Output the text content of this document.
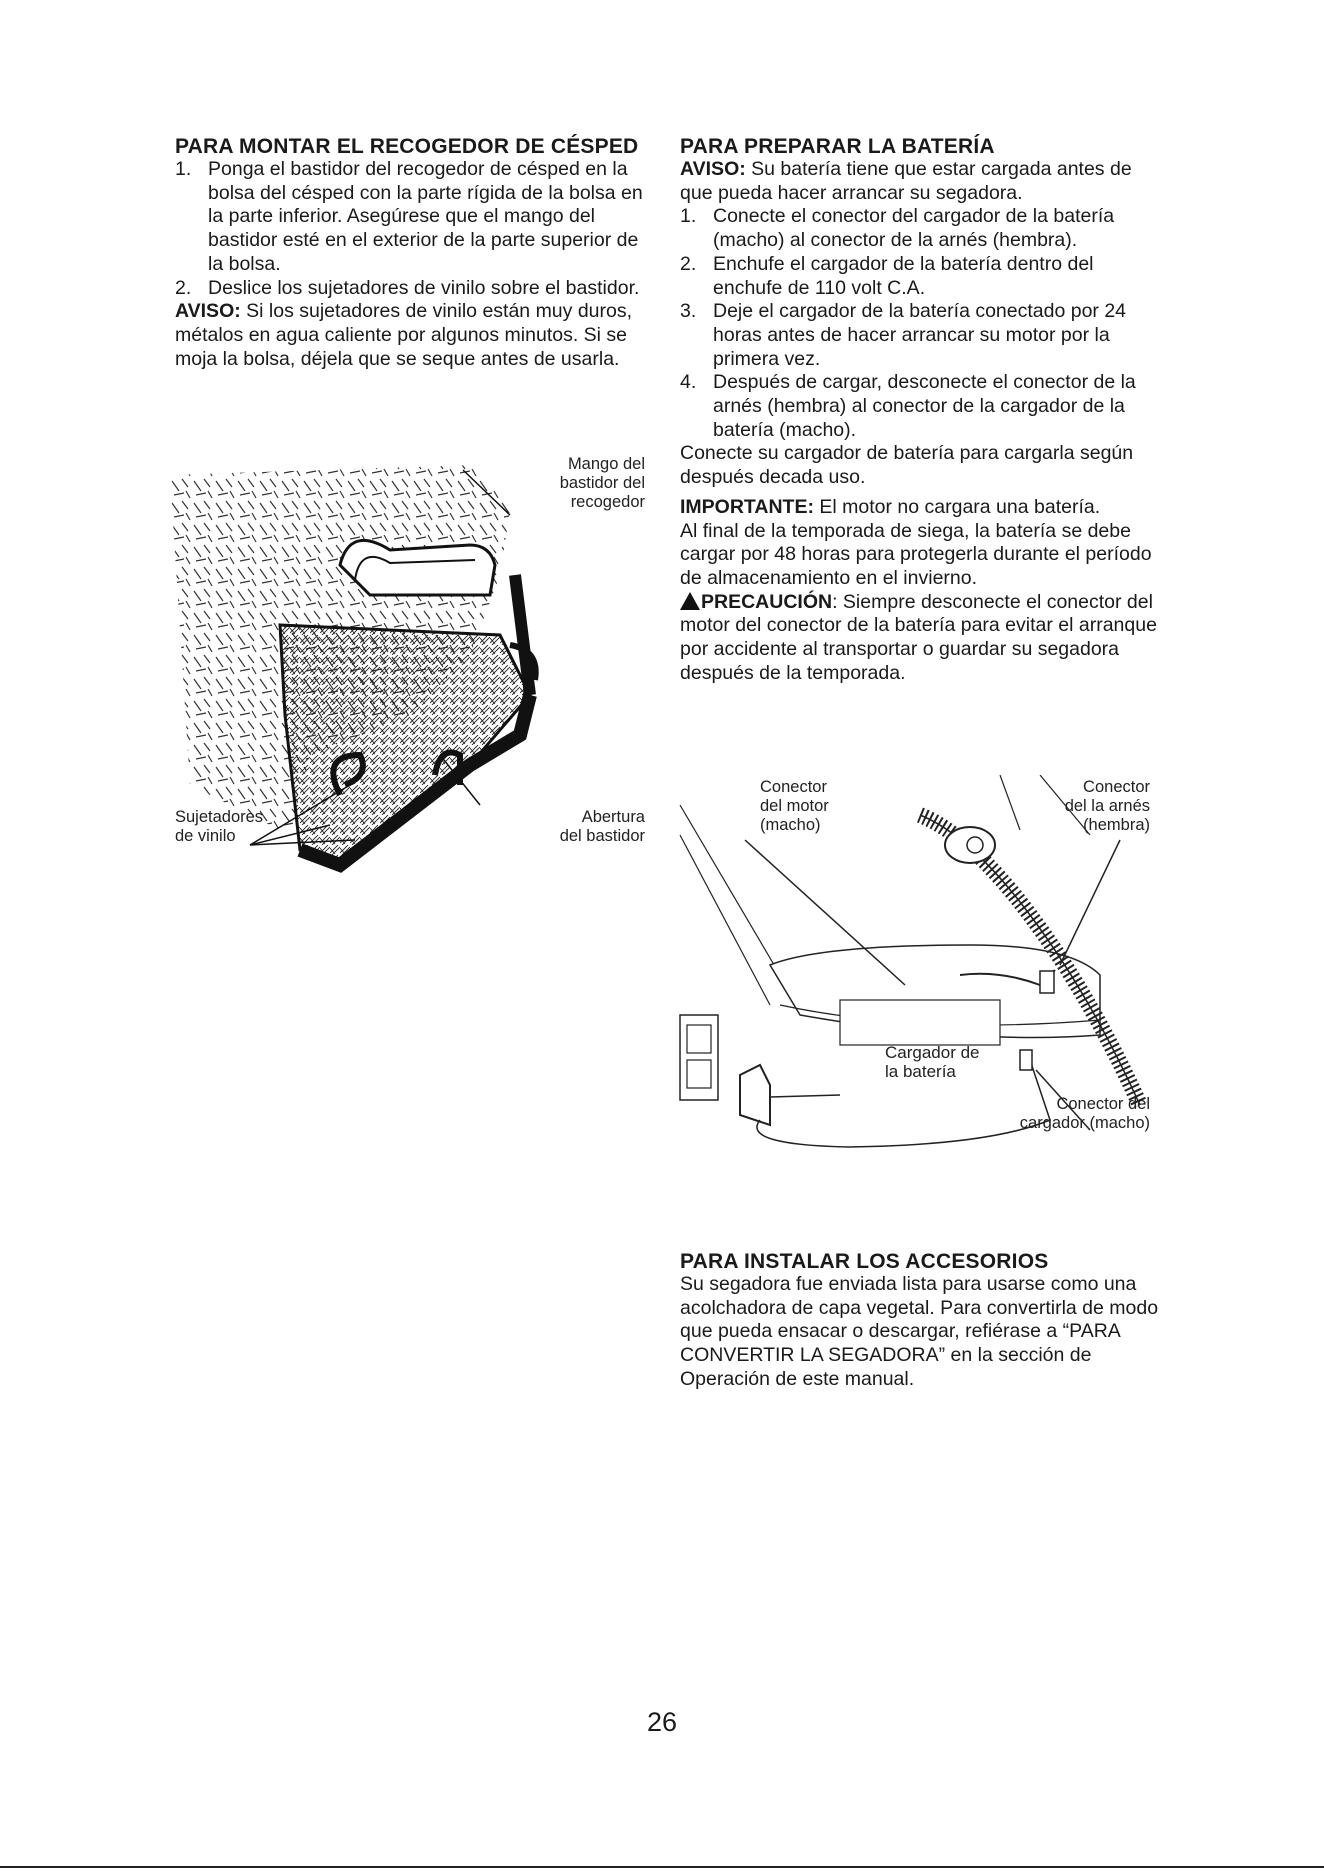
PARA MONTAR EL RECOGEDOR DE CÉSPED
1. Ponga el bastidor del recogedor de césped en la bolsa del césped con la parte rígida de la bolsa en la parte inferior. Asegúrese que el mango del bastidor esté en el exterior de la parte superior de la bolsa.
2. Deslice los sujetadores de vinilo sobre el bastidor.

AVISO: Si los sujetadores de vinilo están muy duros, métalos en agua caliente por algunos minutos. Si se moja la bolsa, déjela que se seque antes de usarla.

Mango del
bastidor del
recogedor
Sujetadores
de vinilo
Abertura
del bastidor
PARA PREPARAR LA BATERÍA

AVISO: Su batería tiene que estar cargada antes de que pueda hacer arrancar su segadora.

1. Conecte el conector del cargador de la batería (macho) al conector de la arnés (hembra).
2. Enchufe el cargador de la batería dentro del enchufe de 110 volt C.A.
3. Deje el cargador de la batería conectado por 24 horas antes de hacer arrancar su motor por la primera vez.
4. Después de cargar, desconecte el conector de la arnés (hembra) al conector de la cargador de la batería (macho).

Conecte su cargador de batería para cargarla según después decada uso.

IMPORTANTE: El motor no cargara una batería.

Al final de la temporada de siega, la batería se debe cargar por 48 horas para protegerla durante el período de almacenamiento en el invierno.

PRECAUCIÓN: Siempre desconecte el conector del motor del conector de la batería para evitar el arranque por accidente al transportar o guardar su segadora después de la temporada.

Conector
del motor
(macho)
Conector
del la arnés
(hembra)
Cargador de
la batería
Conector del
cargador (macho)
PARA INSTALAR LOS ACCESORIOS

Su segadora fue enviada lista para usarse como una acolchadora de capa vegetal. Para convertirla de modo que pueda ensacar o descargar, refiérase a “PARA CONVERTIR LA SEGADORA” en la sección de Operación de este manual.

26
